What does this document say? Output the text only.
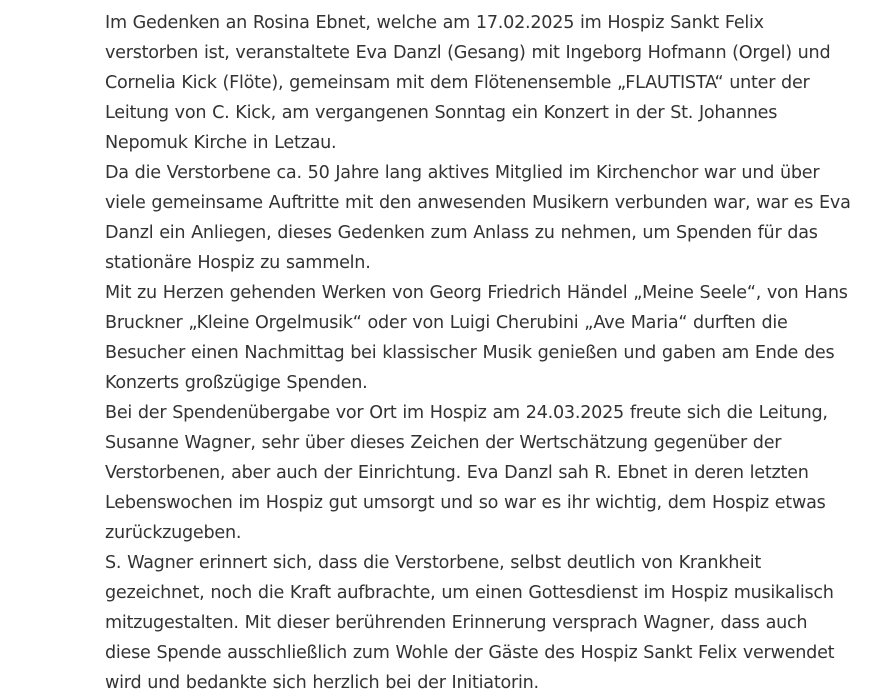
Im Gedenken an Rosina Ebnet, welche am 17.02.2025 im Hospiz Sankt Felix verstorben ist, veranstaltete Eva Danzl (Gesang) mit Ingeborg Hofmann (Orgel) und Cornelia Kick (Flöte), gemeinsam mit dem Flötenensemble „FLAUTISTA“ unter der Leitung von C. Kick, am vergangenen Sonntag ein Konzert in der St. Johannes Nepomuk Kirche in Letzau.

Da die Verstorbene ca. 50 Jahre lang aktives Mitglied im Kirchenchor war und über viele gemeinsame Auftritte mit den anwesenden Musikern verbunden war, war es Eva Danzl ein Anliegen, dieses Gedenken zum Anlass zu nehmen, um Spenden für das stationäre Hospiz zu sammeln.

Mit zu Herzen gehenden Werken von Georg Friedrich Händel „Meine Seele“, von Hans Bruckner „Kleine Orgelmusik“ oder von Luigi Cherubini „Ave Maria“ durften die Besucher einen Nachmittag bei klassischer Musik genießen und gaben am Ende des Konzerts großzügige Spenden.

Bei der Spendenübergabe vor Ort im Hospiz am 24.03.2025 freute sich die Leitung, Susanne Wagner, sehr über dieses Zeichen der Wertschätzung gegenüber der Verstorbenen, aber auch der Einrichtung. Eva Danzl sah R. Ebnet in deren letzten Lebenswochen im Hospiz gut umsorgt und so war es ihr wichtig, dem Hospiz etwas zurückzugeben.

S. Wagner erinnert sich, dass die Verstorbene, selbst deutlich von Krankheit gezeichnet, noch die Kraft aufbrachte, um einen Gottesdienst im Hospiz musikalisch mitzugestalten. Mit dieser berührenden Erinnerung versprach Wagner, dass auch diese Spende ausschließlich zum Wohle der Gäste des Hospiz Sankt Felix verwendet wird und bedankte sich herzlich bei der Initiatorin.
